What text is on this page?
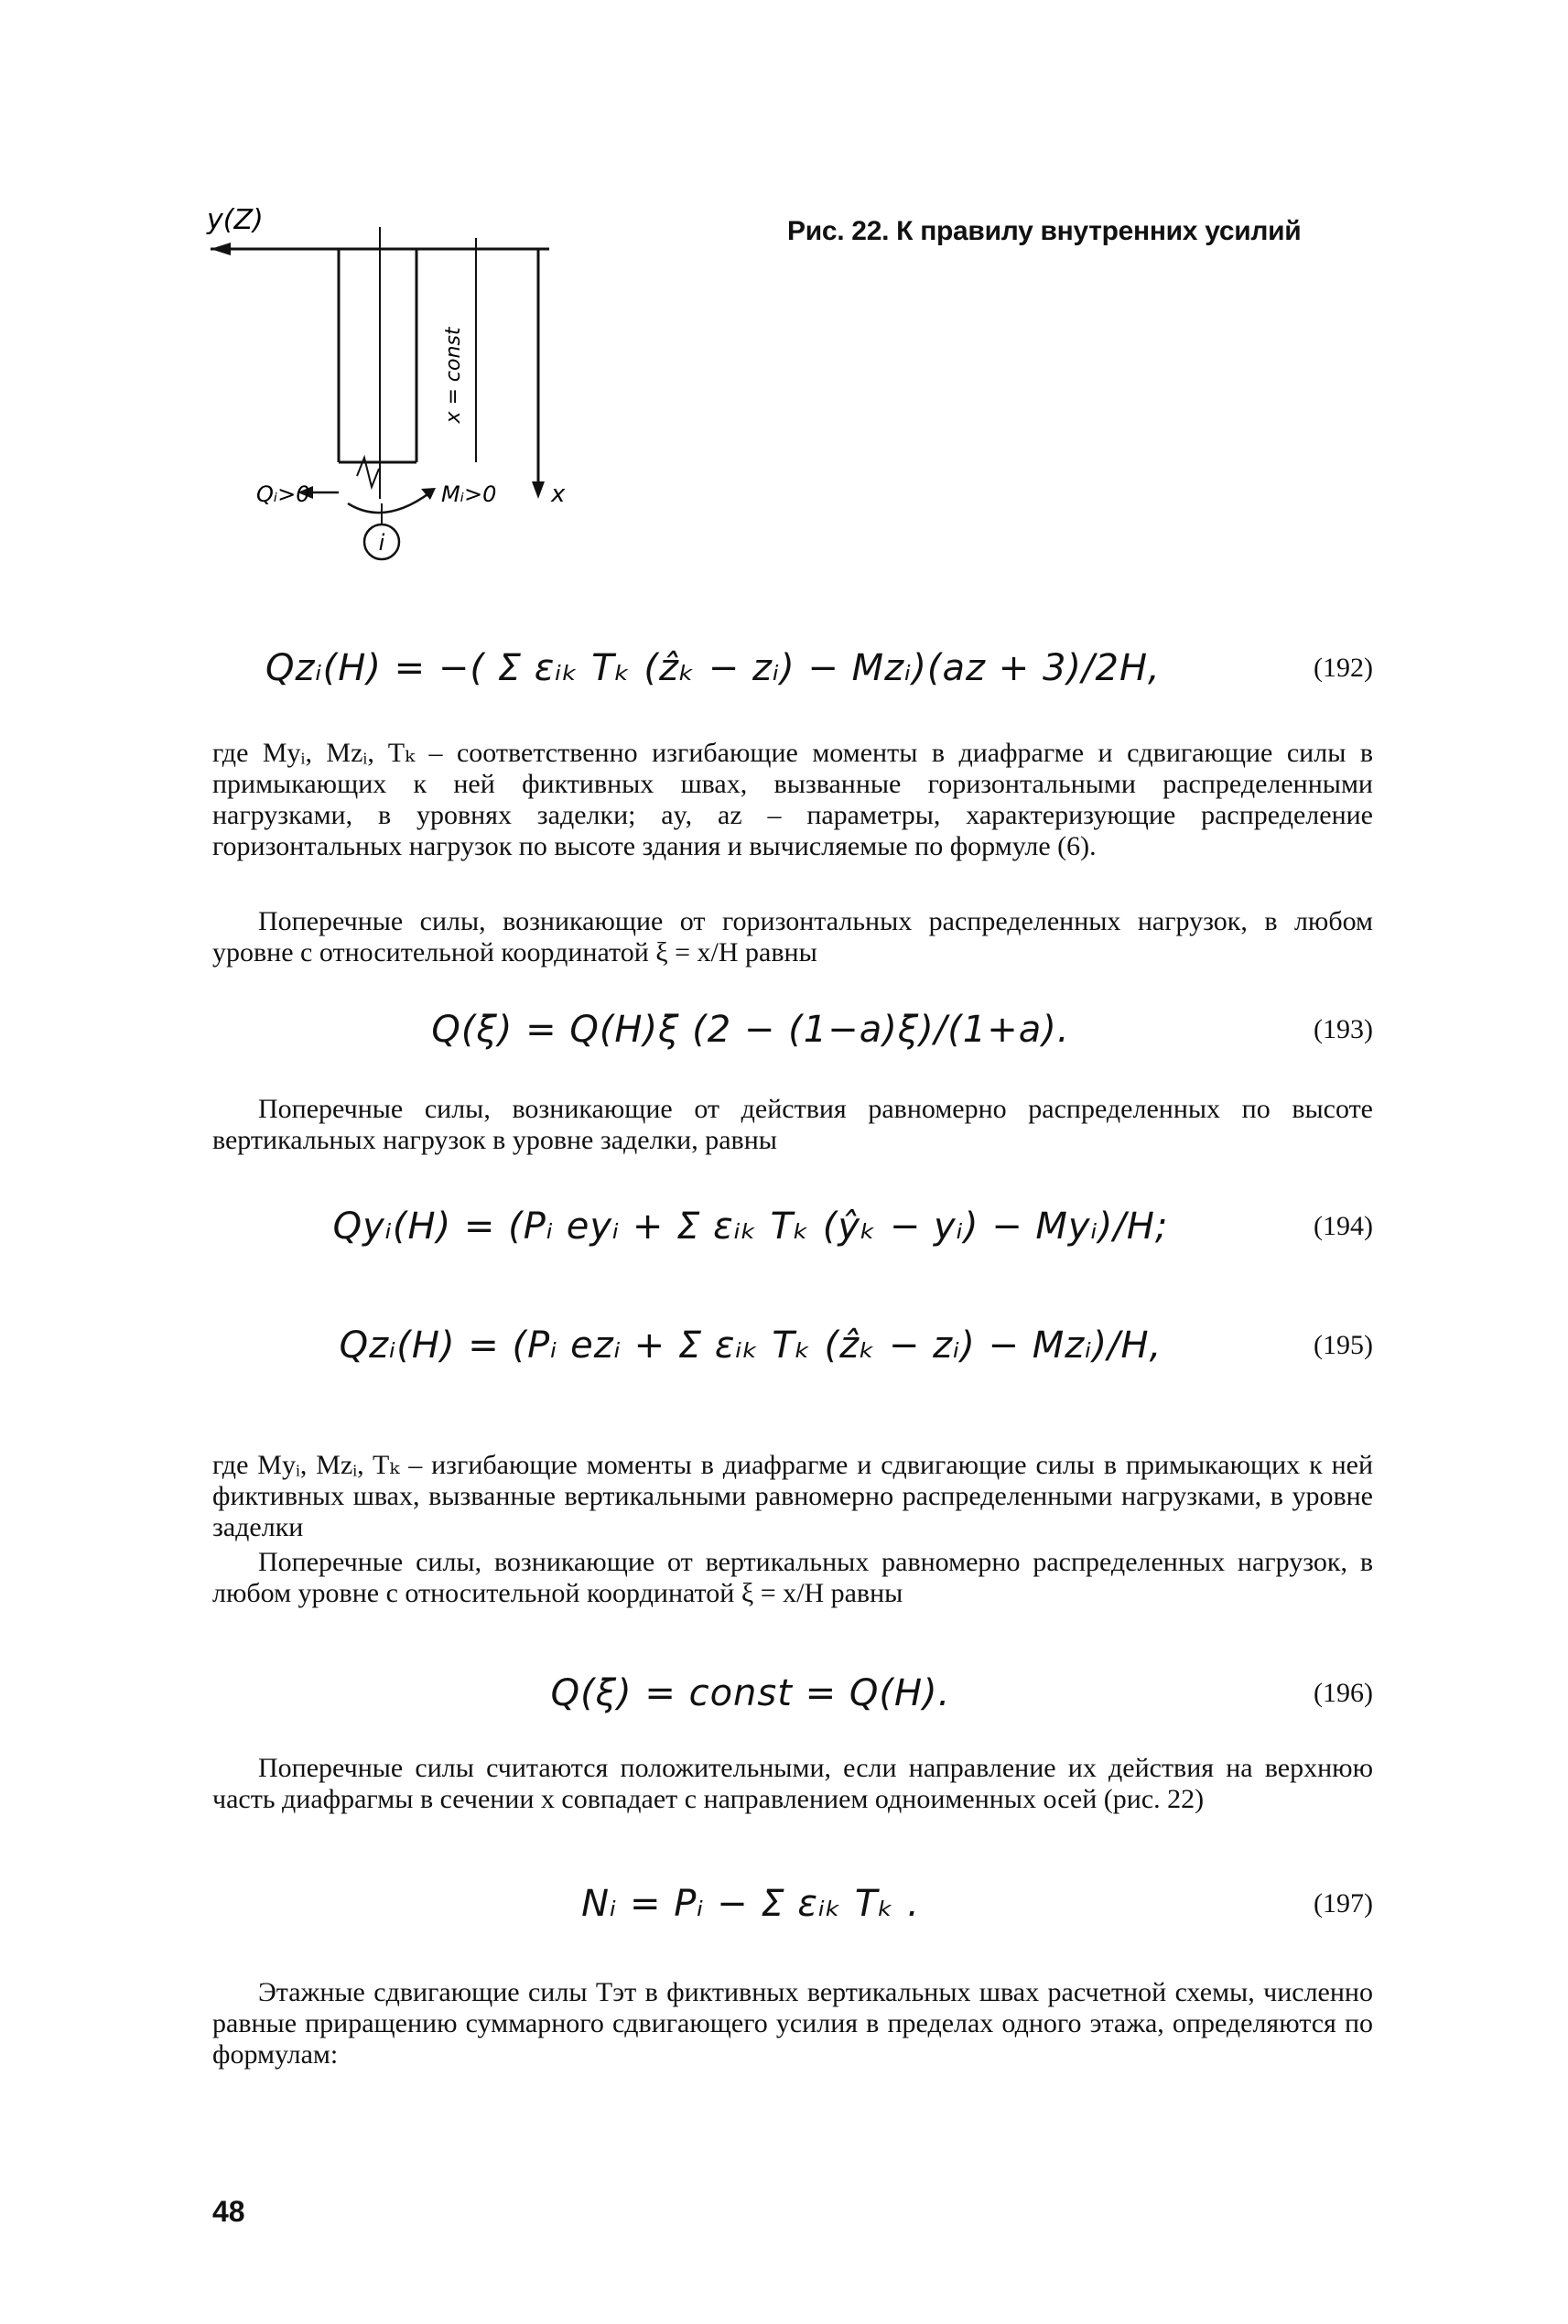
Рис. 22. К правилу внутренних усилий
y(Z)
x = const
Qᵢ>0	Mᵢ>0 x
i
Qzᵢ(H) = −( Σ εᵢₖ Tₖ (ẑₖ − zᵢ) − Mzᵢ)(az + 3)/2H,	(192)

где Myᵢ, Mzᵢ, Tₖ – соответственно изгибающие моменты в диафрагме и сдвигающие силы в примыкающих к ней фиктивных швах, вызванные горизонтальными распределенными нагрузками, в уровнях заделки; ay, az – параметры, характеризующие распределение горизонтальных нагрузок по высоте здания и вычисляемые по формуле (6).

Поперечные силы, возникающие от горизонтальных распределенных нагрузок, в любом уровне с относительной координатой ξ = x/H равны

Q(ξ) = Q(H)ξ (2 − (1−a)ξ)/(1+a).	(193)

Поперечные силы, возникающие от действия равномерно распределенных по высоте вертикальных нагрузок в уровне заделки, равны

Qyᵢ(H) = (Pᵢ eyᵢ + Σ εᵢₖ Tₖ (ŷₖ − yᵢ) − Myᵢ)/H;	(194)
Qzᵢ(H) = (Pᵢ ezᵢ + Σ εᵢₖ Tₖ (ẑₖ − zᵢ) − Mzᵢ)/H,	(195)

где Myᵢ, Mzᵢ, Tₖ – изгибающие моменты в диафрагме и сдвигающие силы в примыкающих к ней фиктивных швах, вызванные вертикальными равномерно распределенными нагрузками, в уровне заделки

Поперечные силы, возникающие от вертикальных равномерно распределенных нагрузок, в любом уровне с относительной координатой ξ = x/H равны

Q(ξ) = const = Q(H).	(196)

Поперечные силы считаются положительными, если направление их действия на верхнюю часть диафрагмы в сечении x совпадает с направлением одноименных осей (рис. 22)

Nᵢ = Pᵢ − Σ εᵢₖ Tₖ .	(197)

Этажные сдвигающие силы Tэт в фиктивных вертикальных швах расчетной схемы, численно равные приращению суммарного сдвигающего усилия в пределах одного этажа, определяются по формулам:

48
